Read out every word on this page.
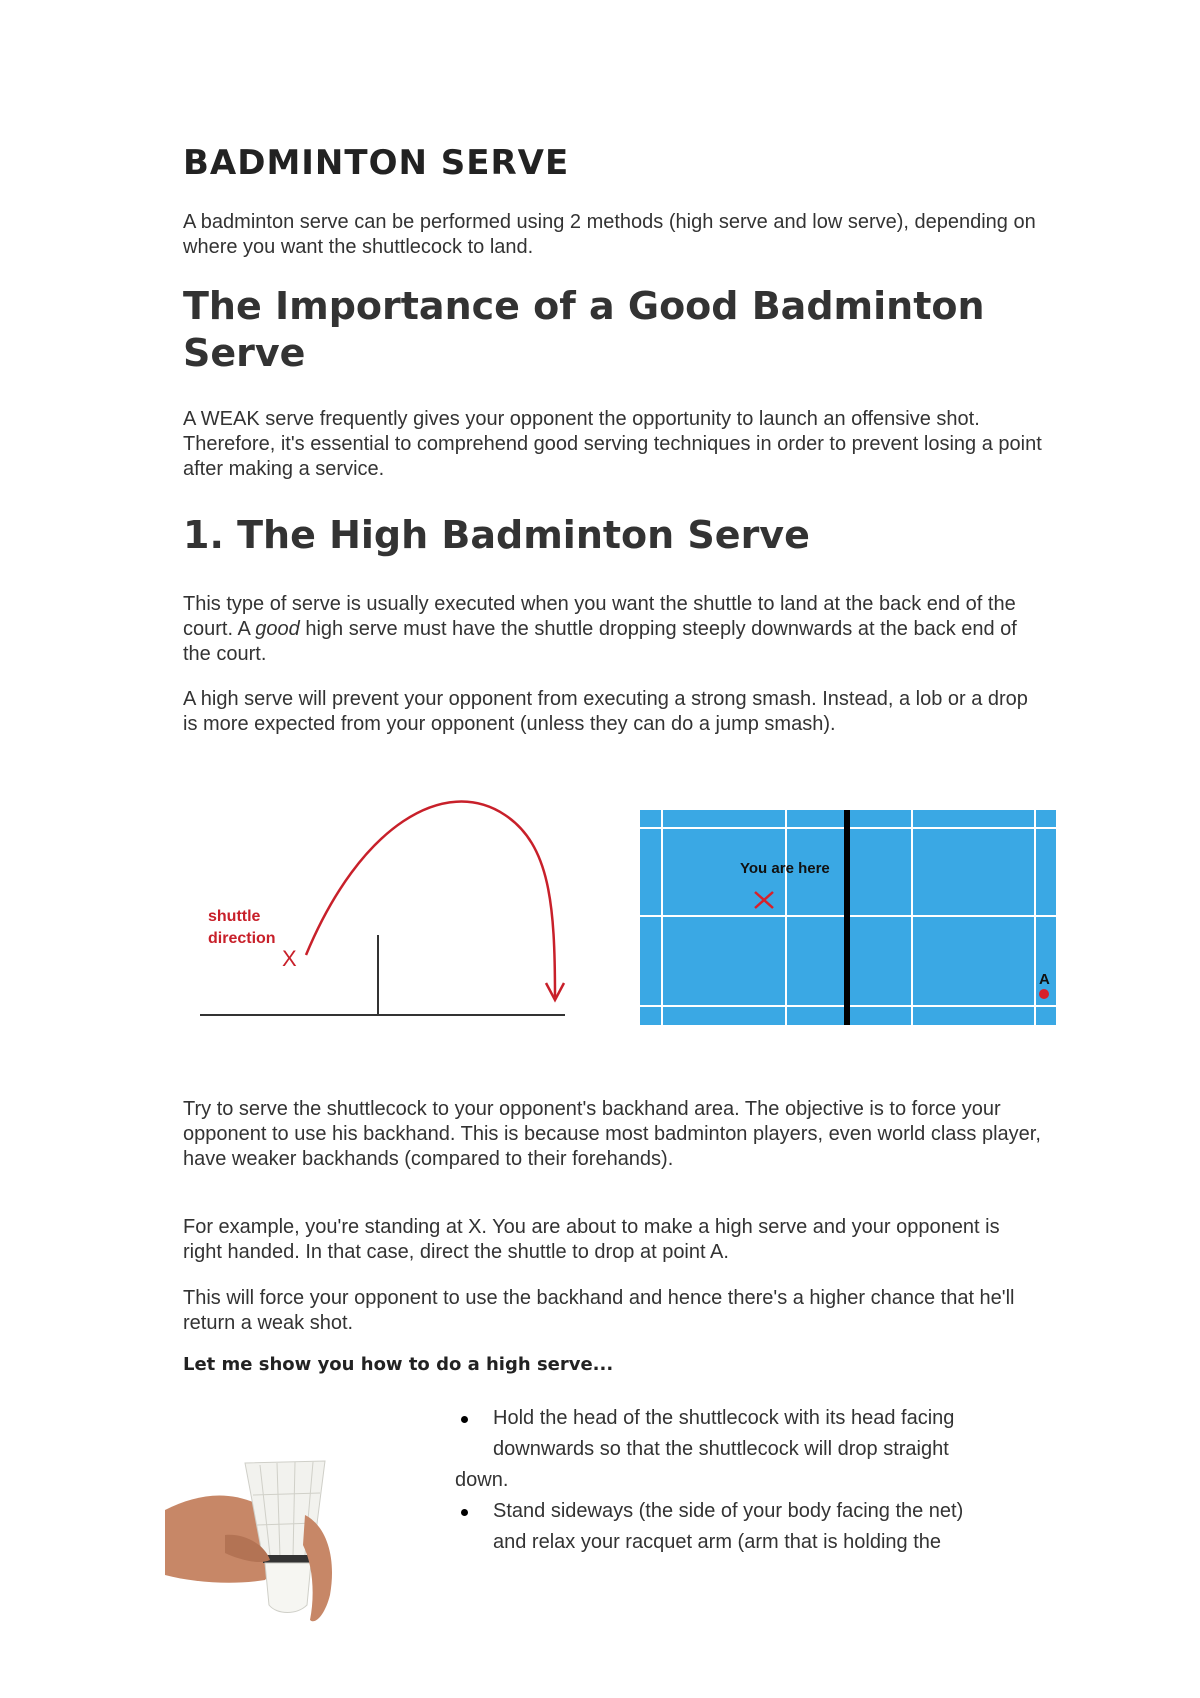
BADMINTON SERVE

A badminton serve can be performed using 2 methods (high serve and low serve), depending on where you want the shuttlecock to land.

The Importance of a Good Badminton
Serve

A WEAK serve frequently gives your opponent the opportunity to launch an offensive shot. Therefore, it's essential to comprehend good serving techniques in order to prevent losing a point after making a service.

1. The High Badminton Serve

This type of serve is usually executed when you want the shuttle to land at the back end of the court. A good high serve must have the shuttle dropping steeply downwards at the back end of the court.

A high serve will prevent your opponent from executing a strong smash. Instead, a lob or a drop is more expected from your opponent (unless they can do a jump smash).

shuttle
direction
X
You are here
A

Try to serve the shuttlecock to your opponent's backhand area. The objective is to force your opponent to use his backhand. This is because most badminton players, even world class player, have weaker backhands (compared to their forehands).

For example, you're standing at X. You are about to make a high serve and your opponent is right handed. In that case, direct the shuttle to drop at point A.

This will force your opponent to use the backhand and hence there's a higher chance that he'll return a weak shot.

Let me show you how to do a high serve...

Hold the head of the shuttlecock with its head facing
downwards so that the shuttlecock will drop straight
down.
Stand sideways (the side of your body facing the net)
and relax your racquet arm (arm that is holding the
